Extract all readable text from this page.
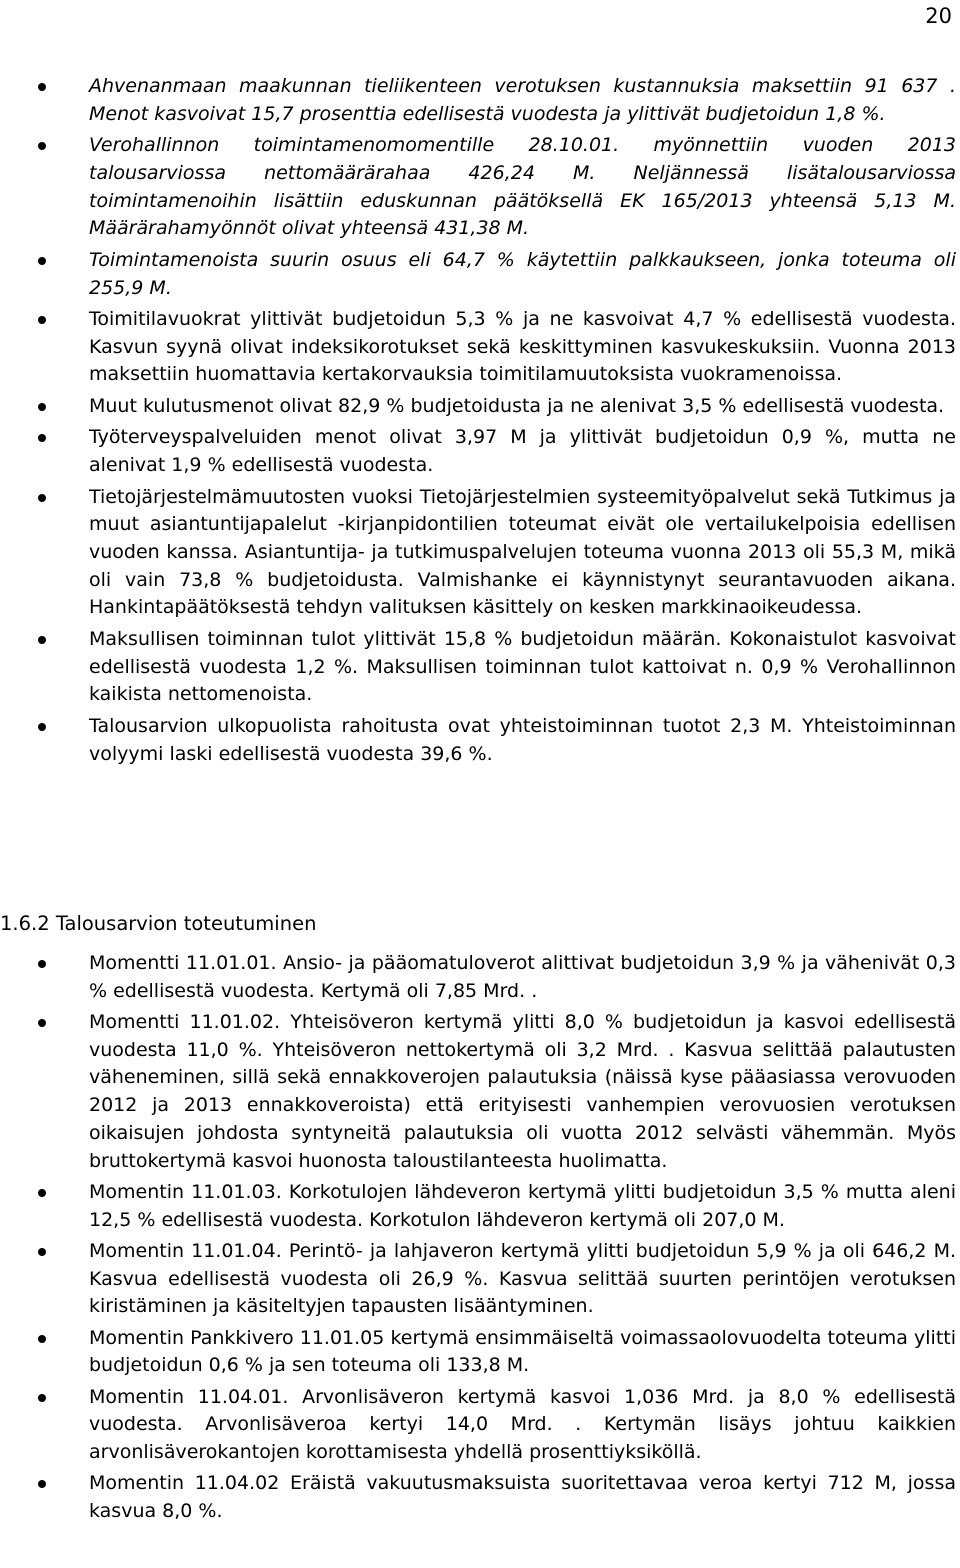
20
Ahvenanmaan maakunnan tieliikenteen verotuksen kustannuksia maksettiin 91 637 . Menot kasvoivat 15,7 prosenttia edellisestä vuodesta ja ylittivät budjetoidun 1,8 %.
Verohallinnon toimintamenomomentille 28.10.01. myönnettiin vuoden 2013 talousarviossa nettomäärärahaa 426,24 M. Neljännessä lisätalousarviossa toimintamenoihin lisättiin eduskunnan päätöksellä EK 165/2013 yhteensä 5,13 M. Määrärahamyönnöt olivat yhteensä 431,38 M.
Toimintamenoista suurin osuus eli 64,7 % käytettiin palkkaukseen, jonka toteuma oli 255,9 M.
Toimitilavuokrat ylittivät budjetoidun 5,3 % ja ne kasvoivat 4,7 % edellisestä vuodesta. Kasvun syynä olivat indeksikorotukset sekä keskittyminen kasvukeskuksiin. Vuonna 2013 maksettiin huomattavia kertakorvauksia toimitilamuutoksista vuokramenoissa.
Muut kulutusmenot olivat 82,9 % budjetoidusta ja ne alenivat 3,5 % edellisestä vuodesta.
Työterveyspalveluiden menot olivat 3,97 M ja ylittivät budjetoidun 0,9 %, mutta ne alenivat 1,9 % edellisestä vuodesta.
Tietojärjestelmämuutosten vuoksi Tietojärjestelmien systeemityöpalvelut sekä Tutkimus ja muut asiantuntijapalelut -kirjanpidontilien toteumat eivät ole vertailukelpoisia edellisen vuoden kanssa. Asiantuntija- ja tutkimuspalvelujen toteuma vuonna 2013 oli 55,3 M, mikä oli vain 73,8 % budjetoidusta. Valmishanke ei käynnistynyt seurantavuoden aikana. Hankintapäätöksestä tehdyn valituksen käsittely on kesken markkinaoikeudessa.
Maksullisen toiminnan tulot ylittivät 15,8 % budjetoidun määrän. Kokonaistulot kasvoivat edellisestä vuodesta 1,2 %. Maksullisen toiminnan tulot kattoivat n. 0,9 % Verohallinnon kaikista nettomenoista.
Talousarvion ulkopuolista rahoitusta ovat yhteistoiminnan tuotot 2,3 M. Yhteistoiminnan volyymi laski edellisestä vuodesta 39,6 %.
1.6.2 Talousarvion toteutuminen
Momentti 11.01.01. Ansio- ja pääomatuloverot alittivat budjetoidun 3,9 % ja vähenivät 0,3 % edellisestä vuodesta. Kertymä oli 7,85 Mrd. .
Momentti 11.01.02. Yhteisöveron kertymä ylitti 8,0 % budjetoidun ja kasvoi edellisestä vuodesta 11,0 %. Yhteisöveron nettokertymä oli 3,2 Mrd. . Kasvua selittää palautusten väheneminen, sillä sekä ennakkoverojen palautuksia (näissä kyse pääasiassa verovuoden 2012 ja 2013 ennakkoveroista) että erityisesti vanhempien verovuosien verotuksen oikaisujen johdosta syntyneitä palautuksia oli vuotta 2012 selvästi vähemmän. Myös bruttokertymä kasvoi huonosta taloustilanteesta huolimatta.
Momentin 11.01.03. Korkotulojen lähdeveron kertymä ylitti budjetoidun 3,5 % mutta aleni 12,5 % edellisestä vuodesta. Korkotulon lähdeveron kertymä oli 207,0 M.
Momentin 11.01.04. Perintö- ja lahjaveron kertymä ylitti budjetoidun 5,9 % ja oli 646,2 M. Kasvua edellisestä vuodesta oli 26,9 %. Kasvua selittää suurten perintöjen verotuksen kiristäminen ja käsiteltyjen tapausten lisääntyminen.
Momentin Pankkivero 11.01.05 kertymä ensimmäiseltä voimassaolovuodelta toteuma ylitti budjetoidun 0,6 % ja sen toteuma oli 133,8 M.
Momentin 11.04.01. Arvonlisäveron kertymä kasvoi 1,036 Mrd. ja 8,0 % edellisestä vuodesta. Arvonlisäveroa kertyi 14,0 Mrd. . Kertymän lisäys johtuu kaikkien arvonlisäverokantojen korottamisesta yhdellä prosenttiyksiköllä.
Momentin 11.04.02 Eräistä vakuutusmaksuista suoritettavaa veroa kertyi 712 M, jossa kasvua 8,0 %.
